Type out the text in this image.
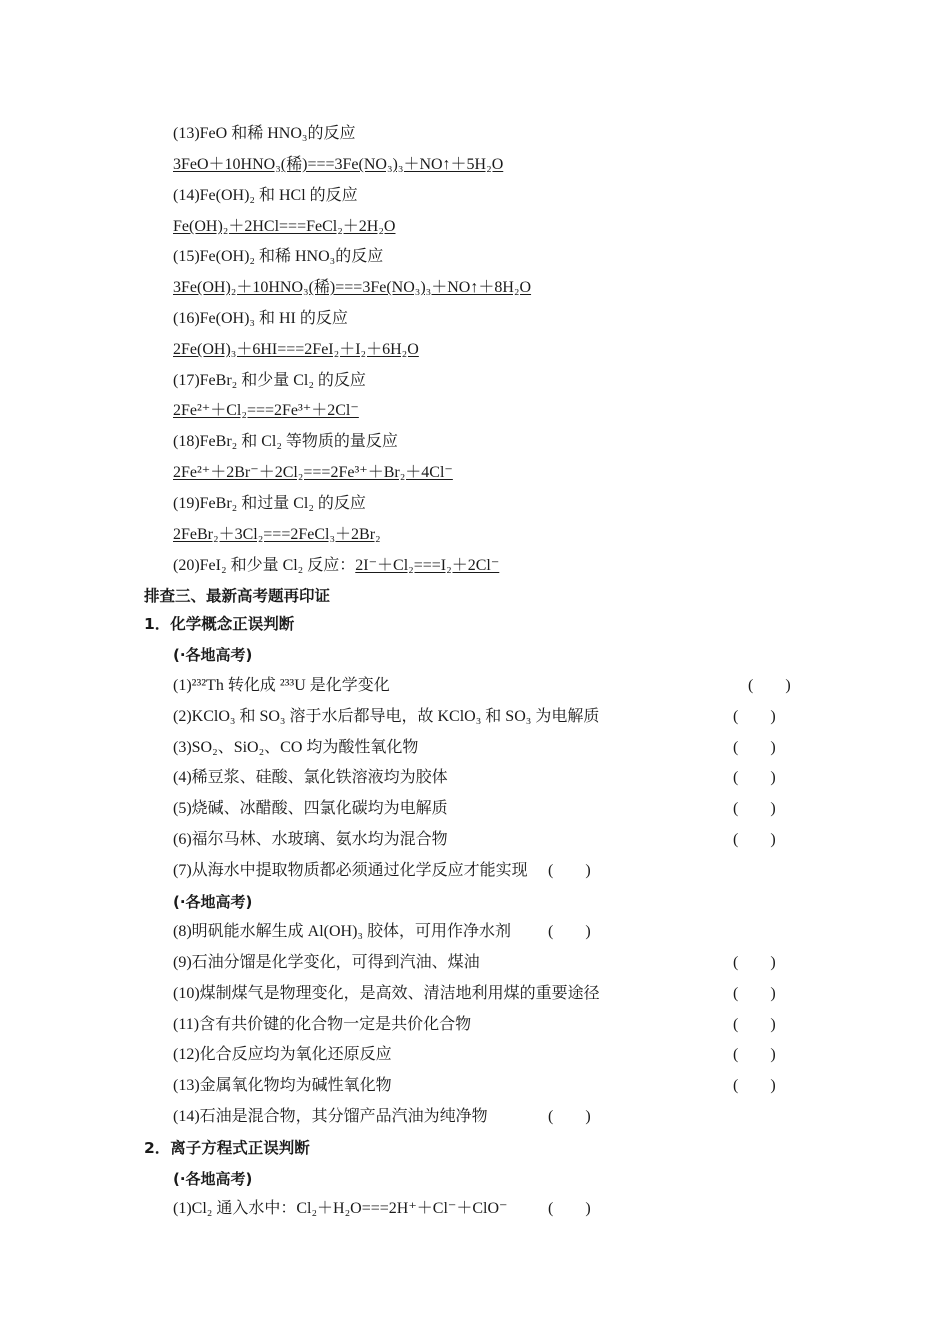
(13)FeO 和稀 HNO₃的反应
3FeO＋10HNO₃(稀)===3Fe(NO₃)₃＋NO↑＋5H₂O
(14)Fe(OH)₂ 和 HCl 的反应
Fe(OH)₂＋2HCl===FeCl₂＋2H₂O
(15)Fe(OH)₂ 和稀 HNO₃的反应
3Fe(OH)₂＋10HNO₃(稀)===3Fe(NO₃)₃＋NO↑＋8H₂O
(16)Fe(OH)₃ 和 HI 的反应
2Fe(OH)₃＋6HI===2FeI₂＋I₂＋6H₂O
(17)FeBr₂ 和少量 Cl₂ 的反应
2Fe²⁺＋Cl₂===2Fe³⁺＋2Cl⁻
(18)FeBr₂ 和 Cl₂ 等物质的量反应
2Fe²⁺＋2Br⁻＋2Cl₂===2Fe³⁺＋Br₂＋4Cl⁻
(19)FeBr₂ 和过量 Cl₂ 的反应
2FeBr₂＋3Cl₂===2FeCl₃＋2Br₂
(20)FeI₂ 和少量 Cl₂ 反应：2I⁻＋Cl₂===I₂＋2Cl⁻
排查三、最新高考题再印证
1．化学概念正误判断
(·各地高考)
(1)²³²Th 转化成 ²³³U 是化学变化	(　　)
(2)KClO₃ 和 SO₃ 溶于水后都导电，故 KClO₃ 和 SO₃ 为电解质	(　　)
(3)SO₂、SiO₂、CO 均为酸性氧化物	(　　)
(4)稀豆浆、硅酸、氯化铁溶液均为胶体	(　　)
(5)烧碱、冰醋酸、四氯化碳均为电解质	(　　)
(6)福尔马林、水玻璃、氨水均为混合物	(　　)
(7)从海水中提取物质都必须通过化学反应才能实现 (　　)
(·各地高考)
(8)明矾能水解生成 Al(OH)₃ 胶体，可用作净水剂 (　　)
(9)石油分馏是化学变化，可得到汽油、煤油	(　　)
(10)煤制煤气是物理变化，是高效、清洁地利用煤的重要途径	(　　)
(11)含有共价键的化合物一定是共价化合物	(　　)
(12)化合反应均为氧化还原反应	(　　)
(13)金属氧化物均为碱性氧化物	(　　)
(14)石油是混合物，其分馏产品汽油为纯净物	(　　)
2．离子方程式正误判断
(·各地高考)
(1)Cl₂ 通入水中：Cl₂＋H₂O===2H⁺＋Cl⁻＋ClO⁻	(　　)
